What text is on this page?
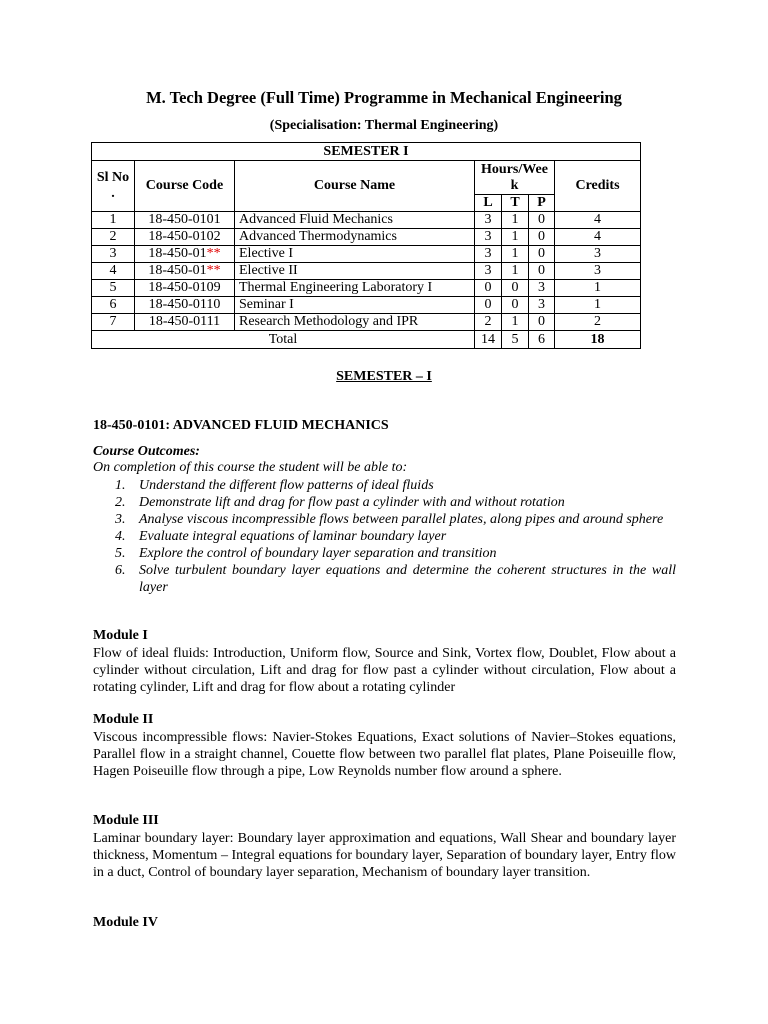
M. Tech Degree (Full Time) Programme in Mechanical Engineering
(Specialisation: Thermal Engineering)
SEMESTER I						
Sl No .	Course Code	Course Name	Hours/Wee k			Credits
			L	T	P	
1	18-450-0101	Advanced Fluid Mechanics	3	1	0	4
2	18-450-0102	Advanced Thermodynamics	3	1	0	4
3	18-450-01**	Elective I	3	1	0	3
4	18-450-01**	Elective II	3	1	0	3
5	18-450-0109	Thermal Engineering Laboratory I	0	0	3	1
6	18-450-0110	Seminar I	0	0	3	1
7	18-450-0111	Research Methodology and IPR	2	1	0	2
Total			14	5	6	18
SEMESTER – I
18-450-0101: ADVANCED FLUID MECHANICS
Course Outcomes:
On completion of this course the student will be able to:
1. Understand the different flow patterns of ideal fluids
2. Demonstrate lift and drag for flow past a cylinder with and without rotation
3. Analyse viscous incompressible flows between parallel plates, along pipes and around sphere
4. Evaluate integral equations of laminar boundary layer
5. Explore the control of boundary layer separation and transition
6. Solve turbulent boundary layer equations and determine the coherent structures in the wall layer
Module I
Flow of ideal fluids: Introduction, Uniform flow, Source and Sink, Vortex flow, Doublet, Flow about a cylinder without circulation, Lift and drag for flow past a cylinder without circulation, Flow about a rotating cylinder, Lift and drag for flow about a rotating cylinder
Module II
Viscous incompressible flows: Navier-Stokes Equations, Exact solutions of Navier–Stokes equations, Parallel flow in a straight channel, Couette flow between two parallel flat plates, Plane Poiseuille flow, Hagen Poiseuille flow through a pipe, Low Reynolds number flow around a sphere.
Module III
Laminar boundary layer: Boundary layer approximation and equations, Wall Shear and boundary layer thickness, Momentum – Integral equations for boundary layer, Separation of boundary layer, Entry flow in a duct, Control of boundary layer separation, Mechanism of boundary layer transition.
Module IV
